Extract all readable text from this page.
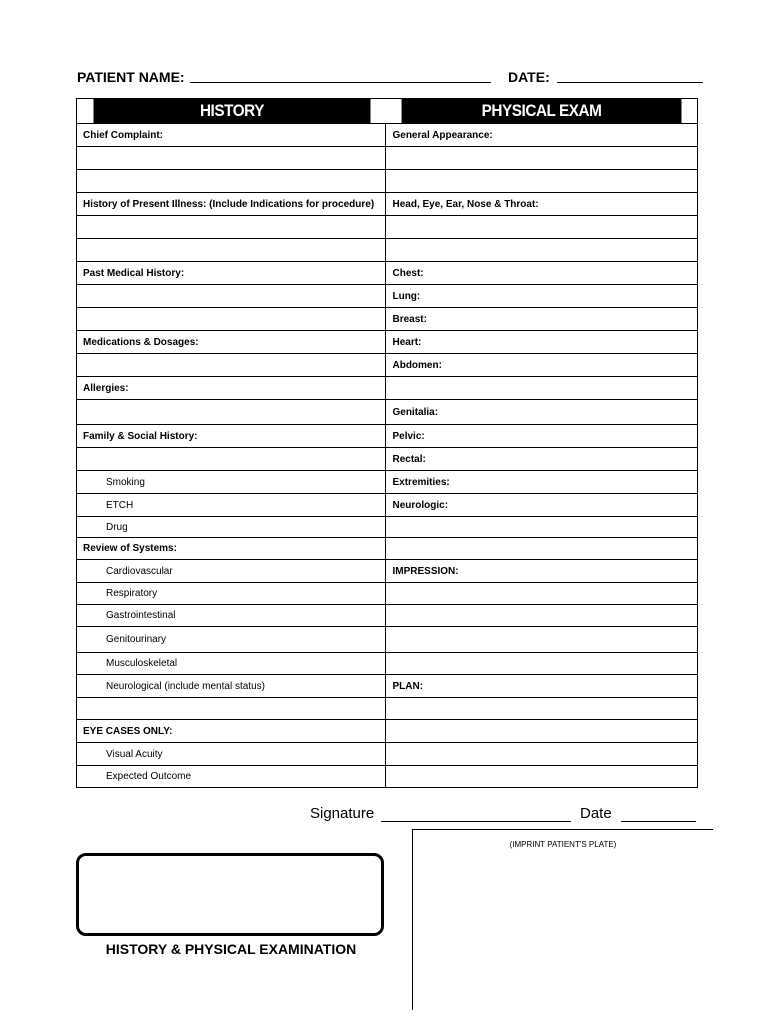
PATIENT NAME:	DATE:
HISTORY	PHYSICAL EXAM
Chief Complaint:	General Appearance:

History of Present Illness: (Include Indications for procedure)	Head, Eye, Ear, Nose & Throat:

Past Medical History:	Chest:
	Lung:
	Breast:
Medications & Dosages:	Heart:
	Abdomen:
Allergies:	
	Genitalia:
Family & Social History:	Pelvic:
	Rectal:
Smoking	Extremities:
ETCH	Neurologic:
Drug	
Review of Systems:	
Cardiovascular	IMPRESSION:
Respiratory	
Gastrointestinal	
Genitourinary	
Musculoskeletal	
Neurological (include mental status)	PLAN:

EYE CASES ONLY:	
Visual Acuity	
Expected Outcome	
Signature	Date
(IMPRINT PATIENT'S PLATE)
HISTORY & PHYSICAL EXAMINATION
